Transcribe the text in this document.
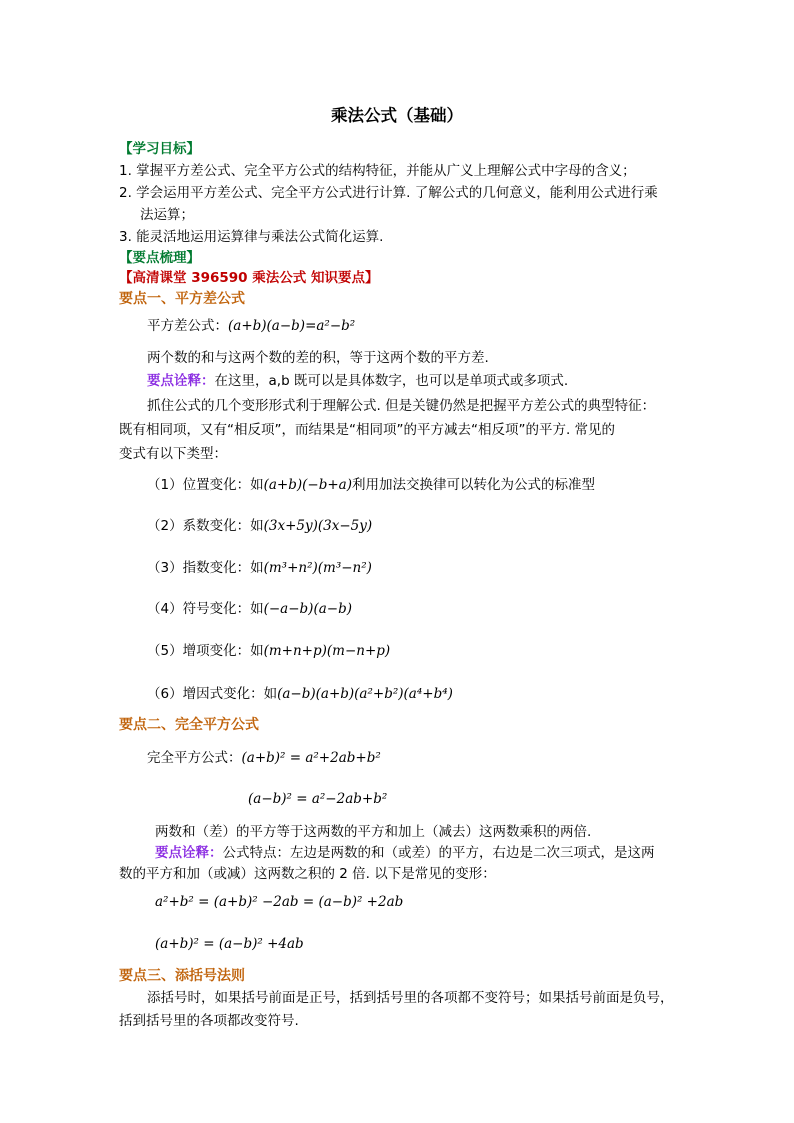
乘法公式（基础）
【学习目标】
1. 掌握平方差公式、完全平方公式的结构特征，并能从广义上理解公式中字母的含义；
2. 学会运用平方差公式、完全平方公式进行计算. 了解公式的几何意义，能利用公式进行乘
法运算；
3. 能灵活地运用运算律与乘法公式简化运算.
【要点梳理】
【高清课堂 396590 乘法公式 知识要点】
要点一、平方差公式
平方差公式：(a+b)(a−b)=a²−b²
两个数的和与这两个数的差的积，等于这两个数的平方差.
要点诠释：在这里，a,b 既可以是具体数字，也可以是单项式或多项式.
抓住公式的几个变形形式利于理解公式. 但是关键仍然是把握平方差公式的典型特征：
既有相同项，又有“相反项”，而结果是“相同项”的平方减去“相反项”的平方. 常见的
变式有以下类型：
（1）位置变化：如(a+b)(−b+a)利用加法交换律可以转化为公式的标准型
（2）系数变化：如(3x+5y)(3x−5y)
（3）指数变化：如(m³+n²)(m³−n²)
（4）符号变化：如(−a−b)(a−b)
（5）增项变化：如(m+n+p)(m−n+p)
（6）增因式变化：如(a−b)(a+b)(a²+b²)(a⁴+b⁴)
要点二、完全平方公式
完全平方公式：(a+b)² = a²+2ab+b²
(a−b)² = a²−2ab+b²
两数和（差）的平方等于这两数的平方和加上（减去）这两数乘积的两倍.
要点诠释：公式特点：左边是两数的和（或差）的平方，右边是二次三项式，是这两
数的平方和加（或减）这两数之积的 2 倍. 以下是常见的变形：
a²+b² = (a+b)² −2ab = (a−b)² +2ab
(a+b)² = (a−b)² +4ab
要点三、添括号法则
添括号时，如果括号前面是正号，括到括号里的各项都不变符号；如果括号前面是负号，
括到括号里的各项都改变符号.
